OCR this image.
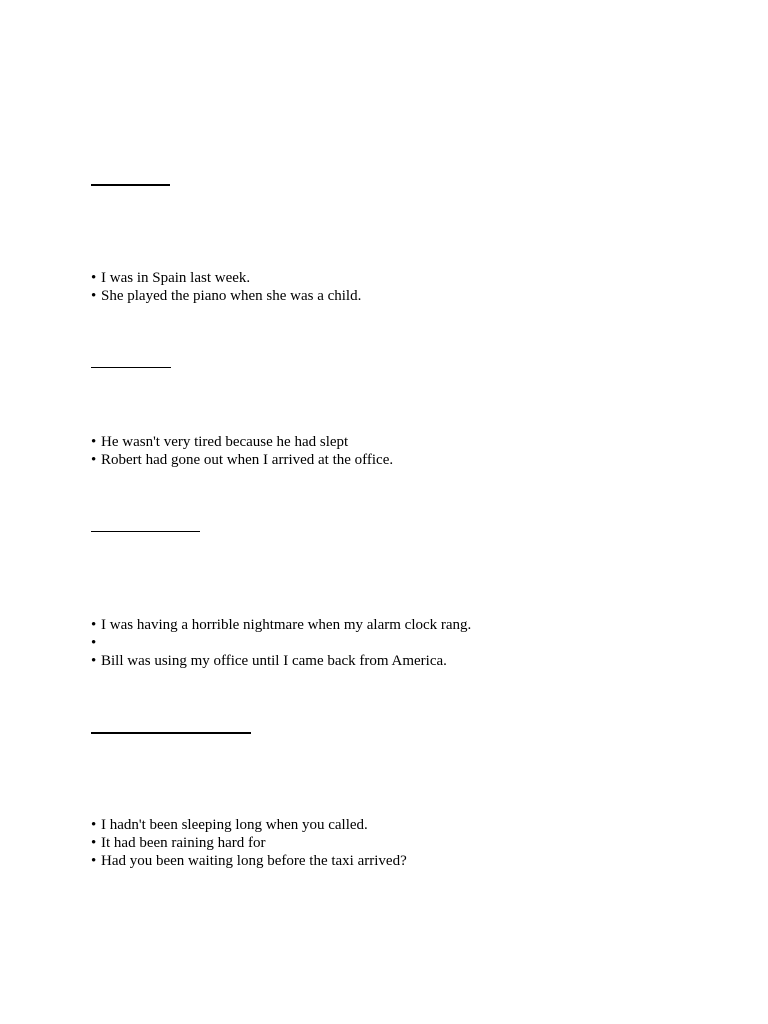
• I was in Spain last week.
• She played the piano when she was a child.
• He wasn't very tired because he had slept
• Robert had gone out when I arrived at the office.
• I was having a horrible nightmare when my alarm clock rang.
•
• Bill was using my office until I came back from America.
• I hadn't been sleeping long when you called.
• It had been raining hard for
• Had you been waiting long before the taxi arrived?
